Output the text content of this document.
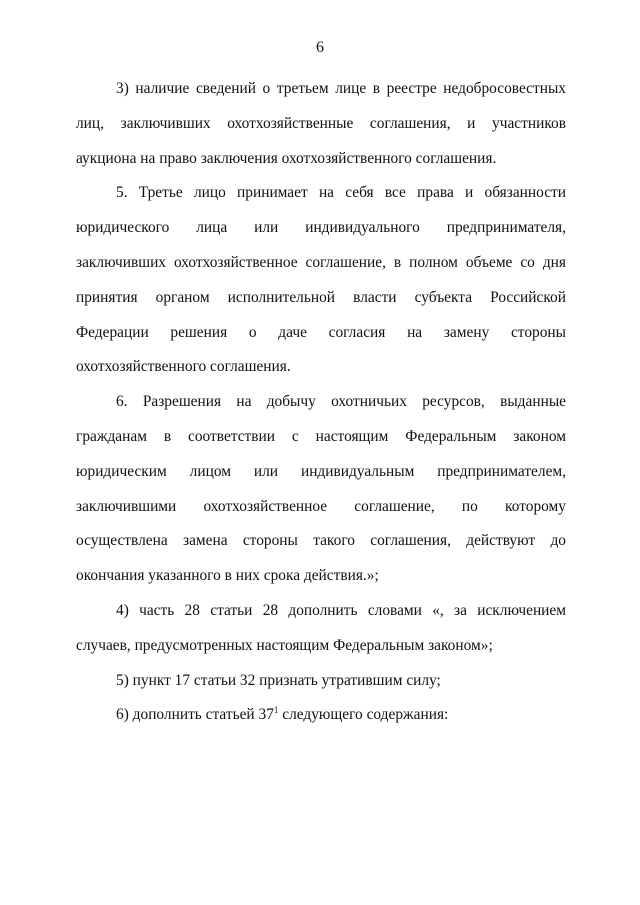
6

3) наличие сведений о третьем лице в реестре недобросовестных лиц, заключивших охотхозяйственные соглашения, и участников аукциона на право заключения охотхозяйственного соглашения.

5. Третье лицо принимает на себя все права и обязанности юридического лица или индивидуального предпринимателя, заключивших охотхозяйственное соглашение, в полном объеме со дня принятия органом исполнительной власти субъекта Российской Федерации решения о даче согласия на замену стороны охотхозяйственного соглашения.

6. Разрешения на добычу охотничьих ресурсов, выданные гражданам в соответствии с настоящим Федеральным законом юридическим лицом или индивидуальным предпринимателем, заключившими охотхозяйственное соглашение, по которому осуществлена замена стороны такого соглашения, действуют до окончания указанного в них срока действия.»;

4) часть 28 статьи 28 дополнить словами «, за исключением случаев, предусмотренных настоящим Федеральным законом»;

5) пункт 17 статьи 32 признать утратившим силу;

6) дополнить статьей $37^1$ следующего содержания:
